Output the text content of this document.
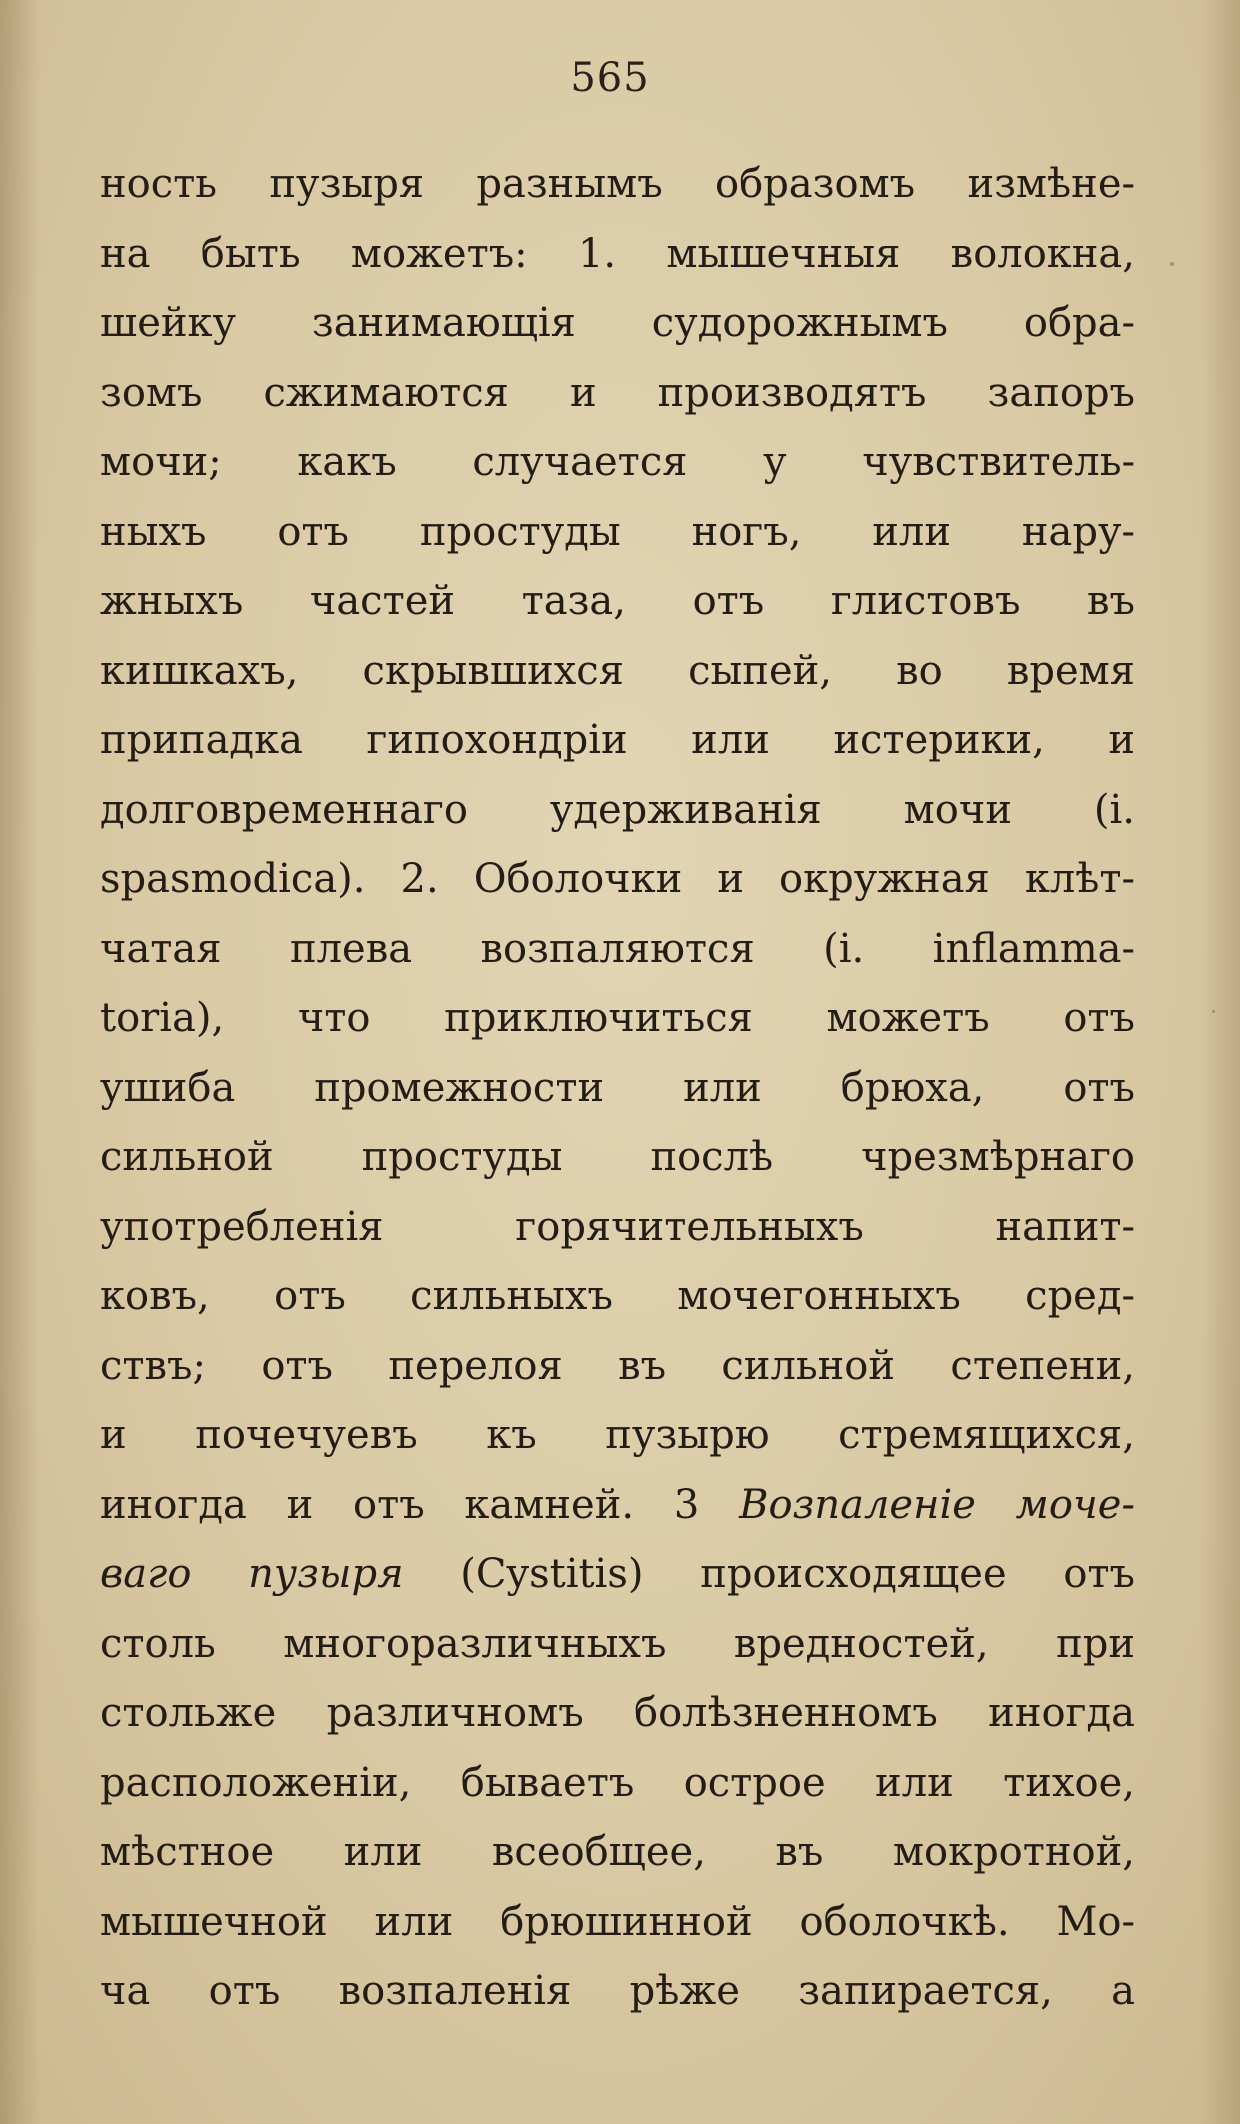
565
ность пузыря разнымъ образомъ измѣне-
на быть можетъ: 1. мышечныя волокна,
шейку занимающія судорожнымъ обра-
зомъ сжимаются и производятъ запоръ
мочи; какъ случается у чувствитель-
ныхъ отъ простуды ногъ, или нару-
жныхъ частей таза, отъ глистовъ въ
кишкахъ, скрывшихся сыпей, во время
припадка гипохондріи или истерики, и
долговременнаго удерживанія мочи (i.
spasmodica). 2. Оболочки и окружная клѣт-
чатая плева возпаляются (i. inflamma-
toria), что приключиться можетъ отъ
ушиба промежности или брюха, отъ
сильной простуды послѣ чрезмѣрнаго
употребленія горячительныхъ напит-
ковъ, отъ сильныхъ мочегонныхъ сред-
ствъ; отъ перелоя въ сильной степени,
и почечуевъ къ пузырю стремящихся,
иногда и отъ камней. 3 Возпаленіе моче-
ваго пузыря (Cystitis) происходящее отъ
столь многоразличныхъ вредностей, при
стольже различномъ болѣзненномъ иногда
расположеніи, бываетъ острое или тихое,
мѣстное или всеобщее, въ мокротной,
мышечной или брюшинной оболочкѣ. Мо-
ча отъ возпаленія рѣже запирается, а
